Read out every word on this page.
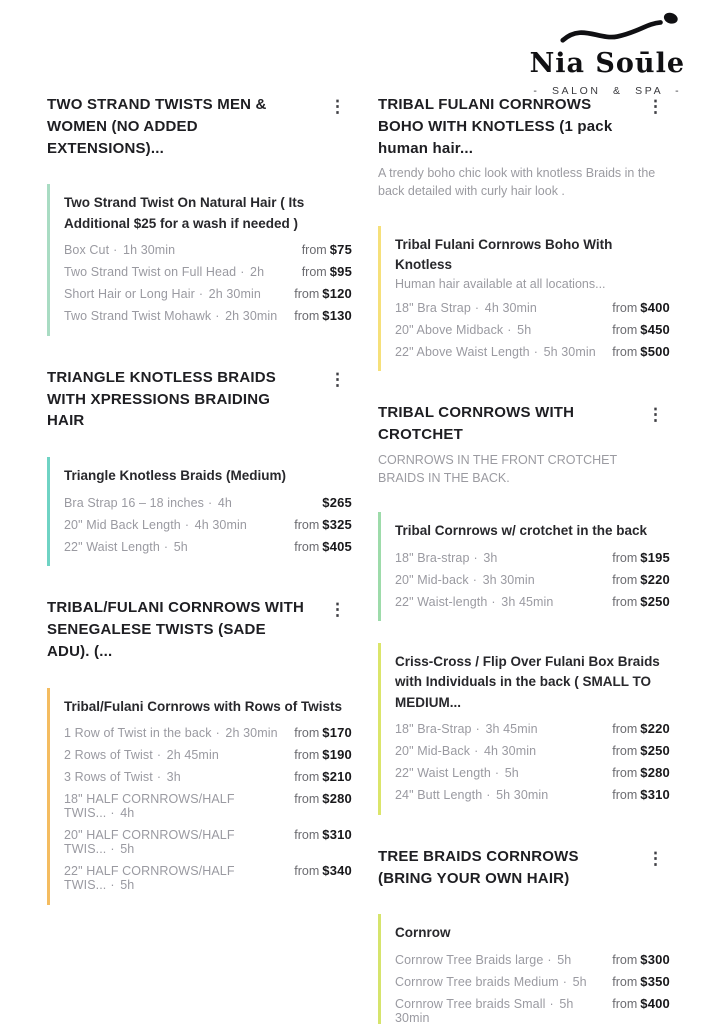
Nia Soūle
- SALON & SPA -
TWO STRAND TWISTS MEN & WOMEN (NO ADDED EXTENSIONS)...
⋮
Two Strand Twist On Natural Hair ( Its Additional $25 for a wash if needed )
Box Cut · 1h 30min	from $75
Two Strand Twist on Full Head · 2h	from $95
Short Hair or Long Hair · 2h 30min	from $120
Two Strand Twist Mohawk · 2h 30min from $130
TRIANGLE KNOTLESS BRAIDS WITH XPRESSIONS BRAIDING HAIR
⋮
Triangle Knotless Braids (Medium)
Bra Strap 16 – 18 inches · 4h	$265
20" Mid Back Length · 4h 30min	from $325
22" Waist Length · 5h	from $405
TRIBAL/FULANI CORNROWS WITH SENEGALESE TWISTS (SADE ADU). (...
⋮
Tribal/Fulani Cornrows with Rows of Twists
1 Row of Twist in the back · 2h 30min from $170
2 Rows of Twist · 2h 45min	from $190
3 Rows of Twist · 3h	from $210
18" HALF CORNROWS/HALF TWIS... · 4h
from $280
20" HALF CORNROWS/HALF TWIS... · 5h
from $310
22" HALF CORNROWS/HALF TWIS... · 5h
from $340
TRIBAL FULANI CORNROWS BOHO WITH KNOTLESS (1 pack human hair...
⋮
A trendy boho chic look with knotless Braids in the back detailed with curly hair look .
Tribal Fulani Cornrows Boho With Knotless
Human hair available at all locations...
18" Bra Strap · 4h 30min	from $400
20" Above Midback · 5h	from $450
22" Above Waist Length · 5h 30min from $500
TRIBAL CORNROWS WITH CROTCHET
⋮
CORNROWS IN THE FRONT CROTCHET BRAIDS IN THE BACK.
Tribal Cornrows w/ crotchet in the back
18" Bra-strap · 3h	from $195
20" Mid-back · 3h 30min	from $220
22" Waist-length · 3h 45min	from $250
Criss-Cross / Flip Over Fulani Box Braids with Individuals in the back ( SMALL TO MEDIUM...
18" Bra-Strap · 3h 45min	from $220
20" Mid-Back · 4h 30min	from $250
22" Waist Length · 5h	from $280
24" Butt Length · 5h 30min	from $310
TREE BRAIDS CORNROWS (BRING YOUR OWN HAIR)
⋮
Cornrow
Cornrow Tree Braids large · 5h	from $300
Cornrow Tree braids Medium · 5h from $350
Cornrow Tree braids Small · 5h 30min
from $400
